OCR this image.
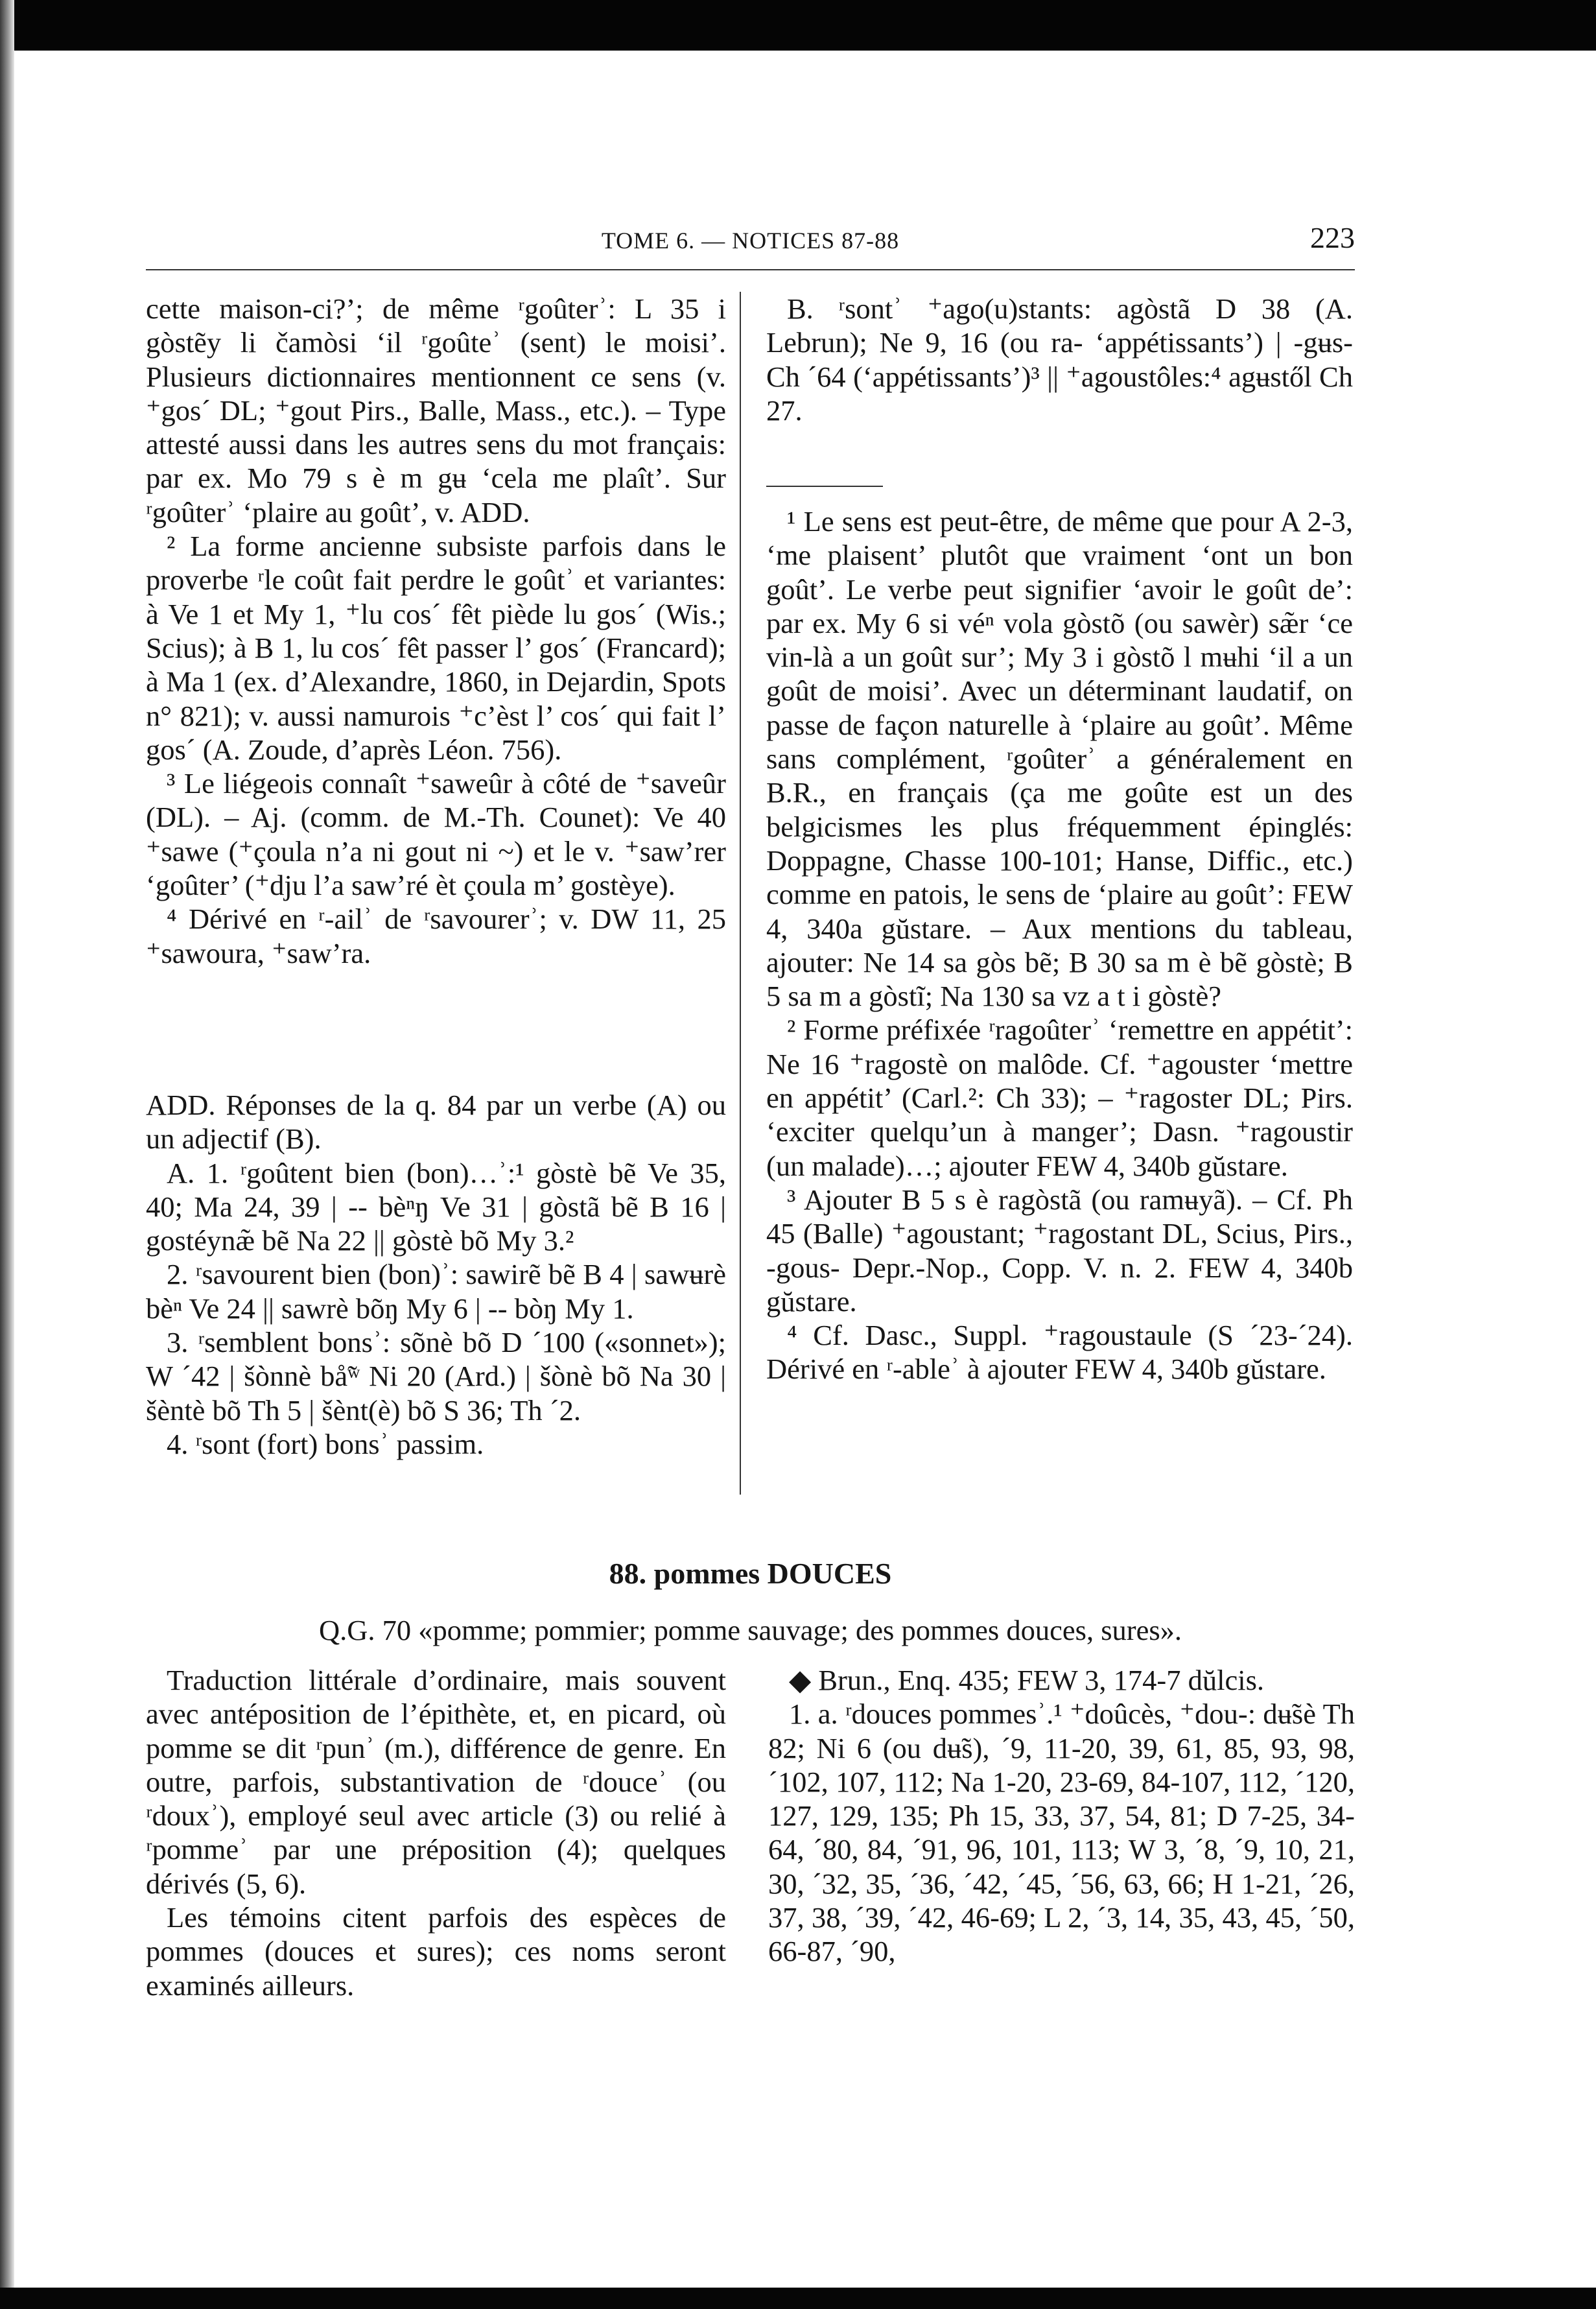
TOME 6. — NOTICES 87-88	223

cette maison-ci?’; de même ʳgoûterʾ: L 35 i gòstẽy li čamòsi ‘il ʳgoûteʾ (sent) le moisi’. Plusieurs dictionnaires mentionnent ce sens (v. ⁺gos´ DL; ⁺gout Pirs., Balle, Mass., etc.). – Type attesté aussi dans les autres sens du mot français: par ex. Mo 79 s è m gʉ ‘cela me plaît’. Sur ʳgoûterʾ ‘plaire au goût’, v. ADD.

² La forme ancienne subsiste parfois dans le proverbe ʳle coût fait perdre le goûtʾ et variantes: à Ve 1 et My 1, ⁺lu cos´ fêt piède lu gos´ (Wis.; Scius); à B 1, lu cos´ fêt passer l’ gos´ (Francard); à Ma 1 (ex. d’Alexandre, 1860, in Dejardin, Spots n° 821); v. aussi namurois ⁺c’èst l’ cos´ qui fait l’ gos´ (A. Zoude, d’après Léon. 756).

³ Le liégeois connaît ⁺saweûr à côté de ⁺saveûr (DL). – Aj. (comm. de M.-Th. Counet): Ve 40 ⁺sawe (⁺çoula n’a ni gout ni ~) et le v. ⁺saw’rer ‘goûter’ (⁺dju l’a saw’ré èt çoula m’ gostèye).

⁴ Dérivé en ʳ-ailʾ de ʳsavourerʾ; v. DW 11, 25 ⁺sawoura, ⁺saw’ra.

ADD. Réponses de la q. 84 par un verbe (A) ou un adjectif (B).

A. 1. ʳgoûtent bien (bon)…ʾ:¹ gòstè bẽ Ve 35, 40; Ma 24, 39 | -- bèⁿŋ Ve 31 | gòstã bẽ B 16 | gostéynæ̃ bẽ Na 22 || gòstè bõ My 3.²

2. ʳsavourent bien (bon)ʾ: sawirẽ bẽ B 4 | sawʉrè bèⁿ Ve 24 || sawrè bõŋ My 6 | -- bòŋ My 1.

3. ʳsemblent bonsʾ: sõnè bõ D ´100 («sonnet»); W ´42 | šònnè bå̃ʷ Ni 20 (Ard.) | šònè bõ Na 30 | šèntè bõ Th 5 | šènt(è) bõ S 36; Th ´2.

4. ʳsont (fort) bonsʾ passim.

B. ʳsontʾ ⁺ago(u)stants: agòstã D 38 (A. Lebrun); Ne 9, 16 (ou ra- ‘appétissants’) | -gʉs- Ch ´64 (‘appétissants’)³ || ⁺agoustôles:⁴ agʉstől Ch 27.

¹ Le sens est peut-être, de même que pour A 2-3, ‘me plaisent’ plutôt que vraiment ‘ont un bon goût’. Le verbe peut signifier ‘avoir le goût de’: par ex. My 6 si véⁿ vola gòstõ (ou sawèr) sæ̃r ‘ce vin-là a un goût sur’; My 3 i gòstõ l mʉhi ‘il a un goût de moisi’. Avec un déterminant laudatif, on passe de façon naturelle à ‘plaire au goût’. Même sans complément, ʳgoûterʾ a généralement en B.R., en français (ça me goûte est un des belgicismes les plus fréquemment épinglés: Doppagne, Chasse 100-101; Hanse, Diffic., etc.) comme en patois, le sens de ‘plaire au goût’: FEW 4, 340a gŭstare. – Aux mentions du tableau, ajouter: Ne 14 sa gòs bẽ; B 30 sa m è bẽ gòstè; B 5 sa m a gòstĩ; Na 130 sa vz a t i gòstè?

² Forme préfixée ʳragoûterʾ ‘remettre en appétit’: Ne 16 ⁺ragostè on malôde. Cf. ⁺agouster ‘mettre en appétit’ (Carl.²: Ch 33); – ⁺ragoster DL; Pirs. ‘exciter quelqu’un à manger’; Dasn. ⁺ragoustir (un malade)…; ajouter FEW 4, 340b gŭstare.

³ Ajouter B 5 s è ragòstã (ou ramʉyã). – Cf. Ph 45 (Balle) ⁺agoustant; ⁺ragostant DL, Scius, Pirs., -gous- Depr.-Nop., Copp. V. n. 2. FEW 4, 340b gŭstare.

⁴ Cf. Dasc., Suppl. ⁺ragoustaule (S ´23-´24). Dérivé en ʳ-ableʾ à ajouter FEW 4, 340b gŭstare.

88. pommes DOUCES
Q.G. 70 «pomme; pommier; pomme sauvage; des pommes douces, sures».

Traduction littérale d’ordinaire, mais souvent avec antéposition de l’épithète, et, en picard, où pomme se dit ʳpunʾ (m.), différence de genre. En outre, parfois, substantivation de ʳdouceʾ (ou ʳdouxʾ), employé seul avec article (3) ou relié à ʳpommeʾ par une préposition (4); quelques dérivés (5, 6).

Les témoins citent parfois des espèces de pommes (douces et sures); ces noms seront examinés ailleurs.

◆ Brun., Enq. 435; FEW 3, 174-7 dŭlcis.

1. a. ʳdouces pommesʾ.¹ ⁺doûcès, ⁺dou-: dʉ̃sè Th 82; Ni 6 (ou dʉ̃s), ´9, 11-20, 39, 61, 85, 93, 98, ´102, 107, 112; Na 1-20, 23-69, 84-107, 112, ´120, 127, 129, 135; Ph 15, 33, 37, 54, 81; D 7-25, 34-64, ´80, 84, ´91, 96, 101, 113; W 3, ´8, ´9, 10, 21, 30, ´32, 35, ´36, ´42, ´45, ´56, 63, 66; H 1-21, ´26, 37, 38, ´39, ´42, 46-69; L 2, ´3, 14, 35, 43, 45, ´50, 66-87, ´90,
